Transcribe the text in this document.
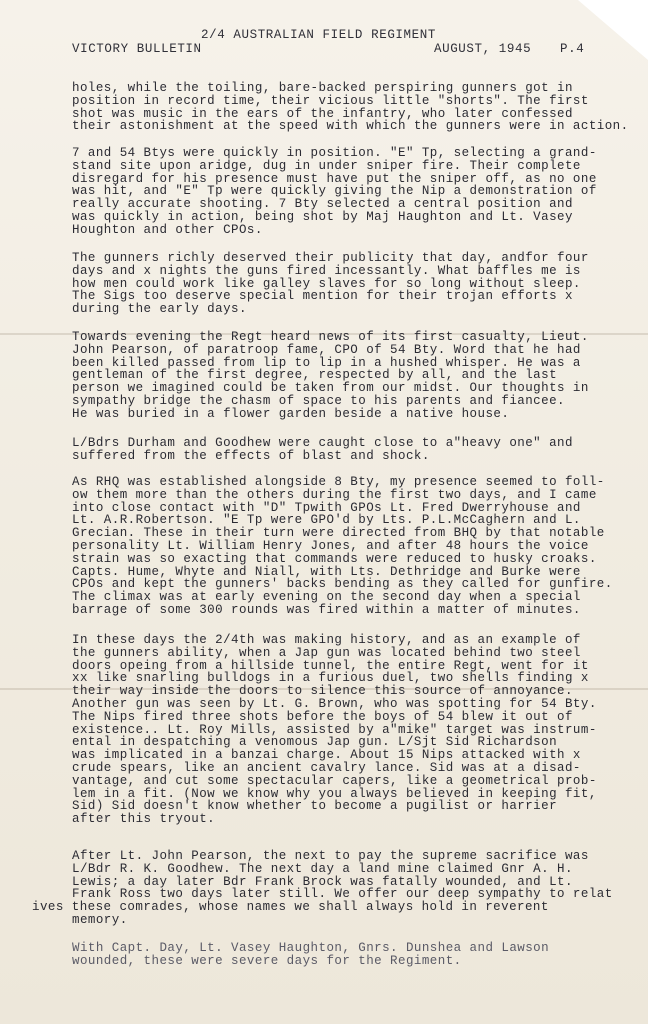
2/4 AUSTRALIAN FIELD REGIMENT
VICTORY BULLETIN	AUGUST, 1945 P.4
holes, while the toiling, bare-backed perspiring gunners got in
position in record time, their vicious little "shorts". The first
shot was music in the ears of the infantry, who later confessed
their astonishment at the speed with which the gunners were in action.
7 and 54 Btys were quickly in position. "E" Tp, selecting a grand-
stand site upon aridge, dug in under sniper fire. Their complete
disregard for his presence must have put the sniper off, as no one
was hit, and "E" Tp were quickly giving the Nip a demonstration of
really accurate shooting. 7 Bty selected a central position and
was quickly in action, being shot by Maj Haughton and Lt. Vasey
Houghton and other CPOs.
The gunners richly deserved their publicity that day, andfor four
days and x nights the guns fired incessantly. What baffles me is
how men could work like galley slaves for so long without sleep.
The Sigs too deserve special mention for their trojan efforts x
during the early days.
Towards evening the Regt heard news of its first casualty, Lieut.
John Pearson, of paratroop fame, CPO of 54 Bty. Word that he had
been killed passed from lip to lip in a hushed whisper. He was a
gentleman of the first degree, respected by all, and the last
person we imagined could be taken from our midst. Our thoughts in
sympathy bridge the chasm of space to his parents and fiancee.
He was buried in a flower garden beside a native house.
L/Bdrs Durham and Goodhew were caught close to a"heavy one" and
suffered from the effects of blast and shock.
As RHQ was established alongside 8 Bty, my presence seemed to foll-
ow them more than the others during the first two days, and I came
into close contact with "D" Tpwith GPOs Lt. Fred Dwerryhouse and
Lt. A.R.Robertson. "E Tp were GPO'd by Lts. P.L.McCaghern and L.
Grecian. These in their turn were directed from BHQ by that notable
personality Lt. William Henry Jones, and after 48 hours the voice
strain was so exacting that commands were reduced to husky croaks.
Capts. Hume, Whyte and Niall, with Lts. Dethridge and Burke were
CPOs and kept the gunners' backs bending as they called for gunfire.
The climax was at early evening on the second day when a special
barrage of some 300 rounds was fired within a matter of minutes.
In these days the 2/4th was making history, and as an example of
the gunners ability, when a Jap gun was located behind two steel
doors opeing from a hillside tunnel, the entire Regt, went for it
xx like snarling bulldogs in a furious duel, two shells finding x
their way inside the doors to silence this source of annoyance.
Another gun was seen by Lt. G. Brown, who was spotting for 54 Bty.
The Nips fired three shots before the boys of 54 blew it out of
existence.. Lt. Roy Mills, assisted by a"mike" target was instrum-
ental in despatching a venomous Jap gun. L/Sjt Sid Richardson
was implicated in a banzai charge. About 15 Nips attacked with x
crude spears, like an ancient cavalry lance. Sid was at a disad-
vantage, and cut some spectacular capers, like a geometrical prob-
lem in a fit. (Now we know why you always believed in keeping fit,
Sid) Sid doesn't know whether to become a pugilist or harrier
after this tryout.
After Lt. John Pearson, the next to pay the supreme sacrifice was
L/Bdr R. K. Goodhew. The next day a land mine claimed Gnr A. H.
Lewis; a day later Bdr Frank Brock was fatally wounded, and Lt.
Frank Ross two days later still. We offer our deep sympathy to relat
ives these comrades, whose names we shall always hold in reverent
memory.
With Capt. Day, Lt. Vasey Haughton, Gnrs. Dunshea and Lawson
wounded, these were severe days for the Regiment.
